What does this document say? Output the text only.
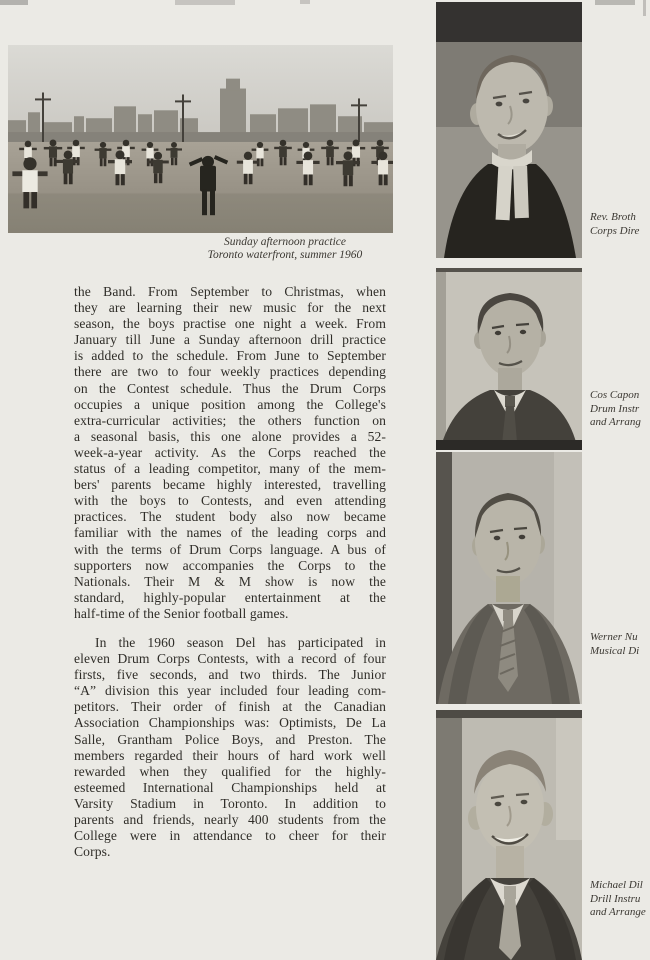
Sunday afternoon practice
Toronto waterfront, summer 1960
the Band. From September to Christmas, when
they are learning their new music for the next
season, the boys practise one night a week. From
January till June a Sunday afternoon drill practice
is added to the schedule. From June to September
there are two to four weekly practices depending
on the Contest schedule. Thus the Drum Corps
occupies a unique position among the College's
extra-curricular activities; the others function on
a seasonal basis, this one alone provides a 52-
week-a-year activity. As the Corps reached the
status of a leading competitor, many of the mem-
bers' parents became highly interested, travelling
with the boys to Contests, and even attending
practices. The student body also now became
familiar with the names of the leading corps and
with the terms of Drum Corps language. A bus of
supporters now accompanies the Corps to the
Nationals. Their M & M show is now the
standard, highly-popular entertainment at the
half-time of the Senior football games.
In the 1960 season Del has participated in
eleven Drum Corps Contests, with a record of four
firsts, five seconds, and two thirds. The Junior
“A” division this year included four leading com-
petitors. Their order of finish at the Canadian
Association Championships was: Optimists, De La
Salle, Grantham Police Boys, and Preston. The
members regarded their hours of hard work well
rewarded when they qualified for the highly-
esteemed International Championships held at
Varsity Stadium in Toronto. In addition to
parents and friends, nearly 400 students from the
College were in attendance to cheer for their
Corps.
Rev. Broth
Corps Dire
Cos Capon
Drum Instr
and Arrang
Werner Nu
Musical Di
Michael Dil
Drill Instru
and Arrange
